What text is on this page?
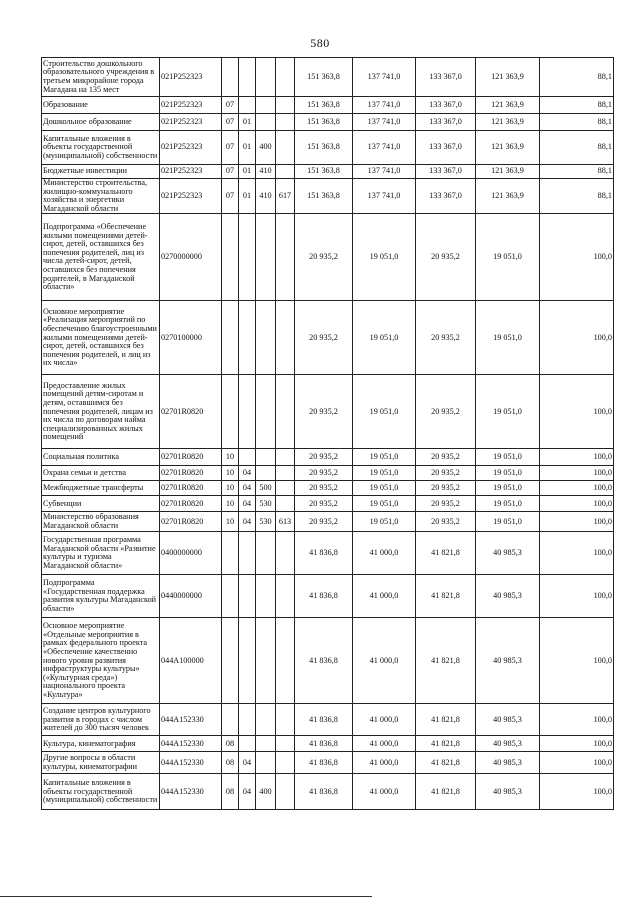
580
Строительство дошкольного образовательного учреждения в третьем микрорайоне города Магадана на 135 мест	021P252323					151 363,8	137 741,0	133 367,0	121 363,9	88,1
Образование	021P252323	07				151 363,8	137 741,0	133 367,0	121 363,9	88,1
Дошкольное образование	021P252323	07	01			151 363,8	137 741,0	133 367,0	121 363,9	88,1
Капитальные вложения в объекты государственной (муниципальной) собственности	021P252323	07	01	400		151 363,8	137 741,0	133 367,0	121 363,9	88,1
Бюджетные инвестиции	021P252323	07	01	410		151 363,8	137 741,0	133 367,0	121 363,9	88,1
Министерство строительства, жилищно-коммунального хозяйства и энергетики Магаданской области	021P252323	07	01	410	617	151 363,8	137 741,0	133 367,0	121 363,9	88,1
Подпрограмма «Обеспечение жилыми помещениями детей-сирот, детей, оставшихся без попечения родителей, лиц из числа детей-сирот, детей, оставшихся без попечения родителей, в Магаданской области»	0270000000					20 935,2	19 051,0	20 935,2	19 051,0	100,0
Основное мероприятие «Реализация мероприятий по обеспечению благоустроенными жилыми помещениями детей-сирот, детей, оставшихся без попечения родителей, и лиц из их числа»	0270100000					20 935,2	19 051,0	20 935,2	19 051,0	100,0
Предоставление жилых помещений детям-сиротам и детям, оставшимся без попечения родителей, лицам из их числа по договорам найма специализированных жилых помещений	02701R0820					20 935,2	19 051,0	20 935,2	19 051,0	100,0
Социальная политика	02701R0820	10				20 935,2	19 051,0	20 935,2	19 051,0	100,0
Охрана семьи и детства	02701R0820	10	04			20 935,2	19 051,0	20 935,2	19 051,0	100,0
Межбюджетные трансферты	02701R0820	10	04	500		20 935,2	19 051,0	20 935,2	19 051,0	100,0
Субвенции	02701R0820	10	04	530		20 935,2	19 051,0	20 935,2	19 051,0	100,0
Министерство образования Магаданской области	02701R0820	10	04	530	613	20 935,2	19 051,0	20 935,2	19 051,0	100,0
Государственная программа Магаданской области «Развитие культуры и туризма Магаданской области»	0400000000					41 836,8	41 000,0	41 821,8	40 985,3	100,0
Подпрограмма «Государственная поддержка развития культуры Магаданской области»	0440000000					41 836,8	41 000,0	41 821,8	40 985,3	100,0
Основное мероприятие «Отдельные мероприятия в рамках федерального проекта «Обеспечение качественно нового уровня развития инфраструктуры культуры» («Культурная среда») национального проекта «Культура»	044A100000					41 836,8	41 000,0	41 821,8	40 985,3	100,0
Создание центров культурного развития в городах с числом жителей до 300 тысяч человек	044A152330					41 836,8	41 000,0	41 821,8	40 985,3	100,0
Культура, кинематография	044A152330	08				41 836,8	41 000,0	41 821,8	40 985,3	100,0
Другие вопросы в области культуры, кинематографии	044A152330	08	04			41 836,8	41 000,0	41 821,8	40 985,3	100,0
Капитальные вложения в объекты государственной (муниципальной) собственности	044A152330	08	04	400		41 836,8	41 000,0	41 821,8	40 985,3	100,0
